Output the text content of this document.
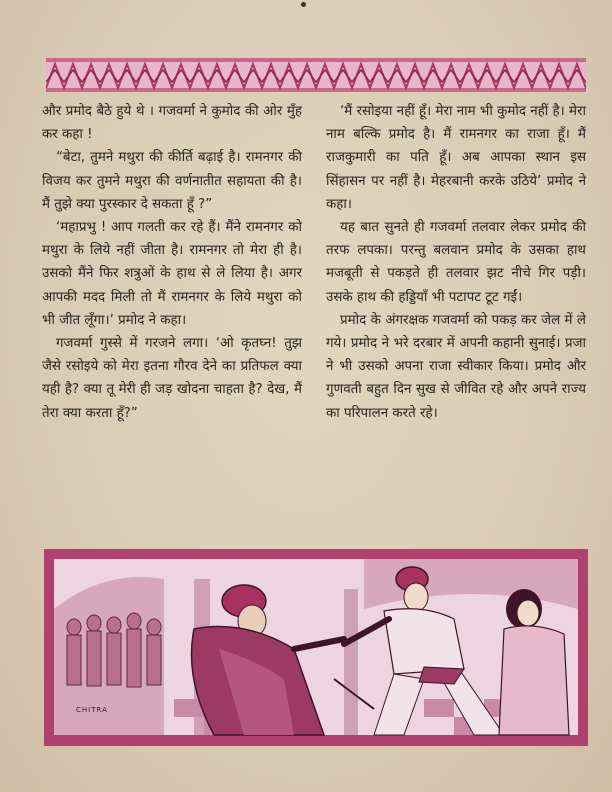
और प्रमोद बैठे हुये थे । गजवर्मा ने कुमोद की ओर मुँह कर कहा !

“बेटा, तुमने मथुरा की कीर्ति बढ़ाई है। रामनगर की विजय कर तुमने मथुरा की वर्णनातीत सहायता की है। मैं तुझे क्या पुरस्कार दे सकता हूँ ?”

‘महाप्रभु ! आप गलती कर रहे हैं। मैंने रामनगर को मथुरा के लिये नहीं जीता है। रामनगर तो मेरा ही है। उसको मैंने फिर शत्रुओं के हाथ से ले लिया है। अगर आपकी मदद मिली तो मैं रामनगर के लिये मथुरा को भी जीत लूँगा।’ प्रमोद ने कहा।

गजवर्मा गुस्से में गरजने लगा। ‘ओ कृतघ्न! तुझ जैसे रसोइये को मेरा इतना गौरव देने का प्रतिफल क्या यही है? क्या तू मेरी ही जड़ खोदना चाहता है? देख, मैं तेरा क्या करता हूँ?”

‘मैं रसोइया नहीं हूँ। मेरा नाम भी कुमोद नहीं है। मेरा नाम बल्कि प्रमोद है। मैं रामनगर का राजा हूँ। मैं राजकुमारी का पति हूँ। अब आपका स्थान इस सिंहासन पर नहीं है। मेहरबानी करके उठिये’ प्रमोद ने कहा।

यह बात सुनते ही गजवर्मा तलवार लेकर प्रमोद की तरफ लपका। परन्तु बलवान प्रमोद के उसका हाथ मजबूती से पकड़ते ही तलवार झट नीचे गिर पड़ी। उसके हाथ की हड्डियाँ भी पटापट टूट गईं।

प्रमोद के अंगरक्षक गजवर्मा को पकड़ कर जेल में ले गये। प्रमोद ने भरे दरबार में अपनी कहानी सुनाई। प्रजा ने भी उसको अपना राजा स्वीकार किया। प्रमोद और गुणवती बहुत दिन सुख से जीवित रहे और अपने राज्य का परिपालन करते रहे।

CHITRA
